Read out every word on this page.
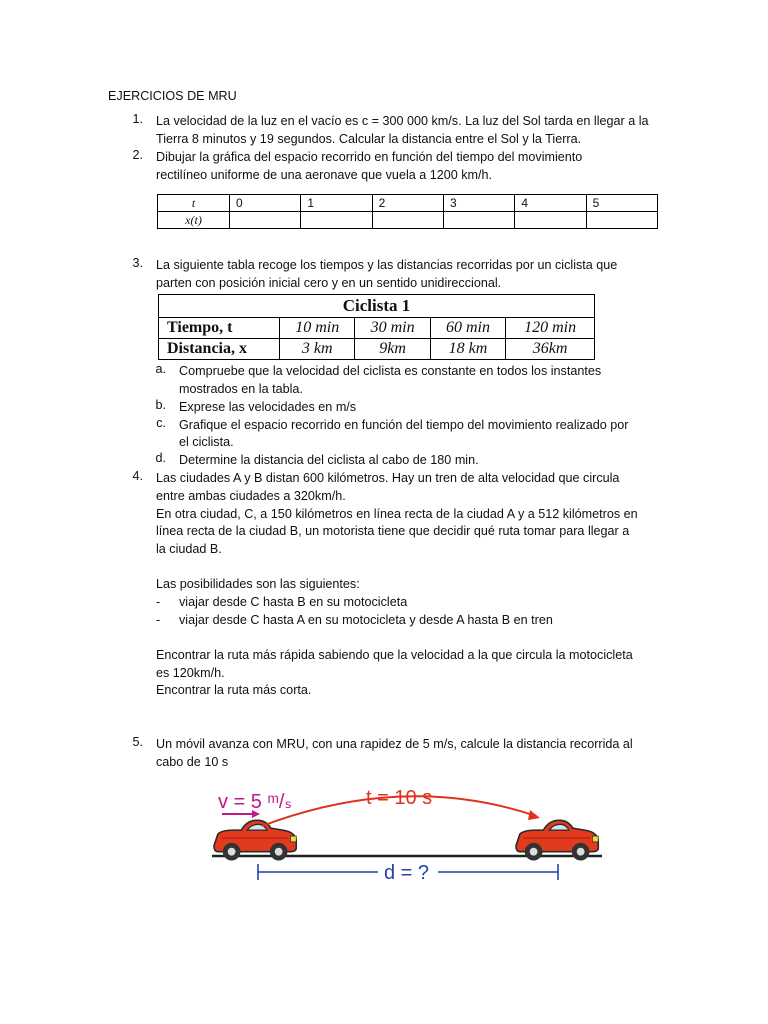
EJERCICIOS DE MRU
1. La velocidad de la luz en el vacío es c = 300 000 km/s. La luz del Sol tarda en llegar a la
Tierra 8 minutos y 19 segundos. Calcular la distancia entre el Sol y la Tierra.
2. Dibujar la gráfica del espacio recorrido en función del tiempo del movimiento
rectilíneo uniforme de una aeronave que vuela a 1200 km/h.
t	0	1	2	3	4	5
x(t)						
3. La siguiente tabla recoge los tiempos y las distancias recorridas por un ciclista que
parten con posición inicial cero y en un sentido unidireccional.
Ciclista 1				
Tiempo, t	10 min	30 min	60 min	120 min
Distancia, x	3 km	9km	18 km	36km
a. Compruebe que la velocidad del ciclista es constante en todos los instantes
mostrados en la tabla.
b. Exprese las velocidades en m/s
c. Grafique el espacio recorrido en función del tiempo del movimiento realizado por
el ciclista.
d. Determine la distancia del ciclista al cabo de 180 min.
4. Las ciudades A y B distan 600 kilómetros. Hay un tren de alta velocidad que circula
entre ambas ciudades a 320km/h.
En otra ciudad, C, a 150 kilómetros en línea recta de la ciudad A y a 512 kilómetros en
línea recta de la ciudad B, un motorista tiene que decidir qué ruta tomar para llegar a
la ciudad B.
Las posibilidades son las siguientes:
- viajar desde C hasta B en su motocicleta
- viajar desde C hasta A en su motocicleta y desde A hasta B en tren
Encontrar la ruta más rápida sabiendo que la velocidad a la que circula la motocicleta
es 120km/h.
Encontrar la ruta más corta.
5. Un móvil avanza con MRU, con una rapidez de 5 m/s, calcule la distancia recorrida al
cabo de 10 s
v = 5 ᵐ/ₛ	t = 10 s
d = ?
